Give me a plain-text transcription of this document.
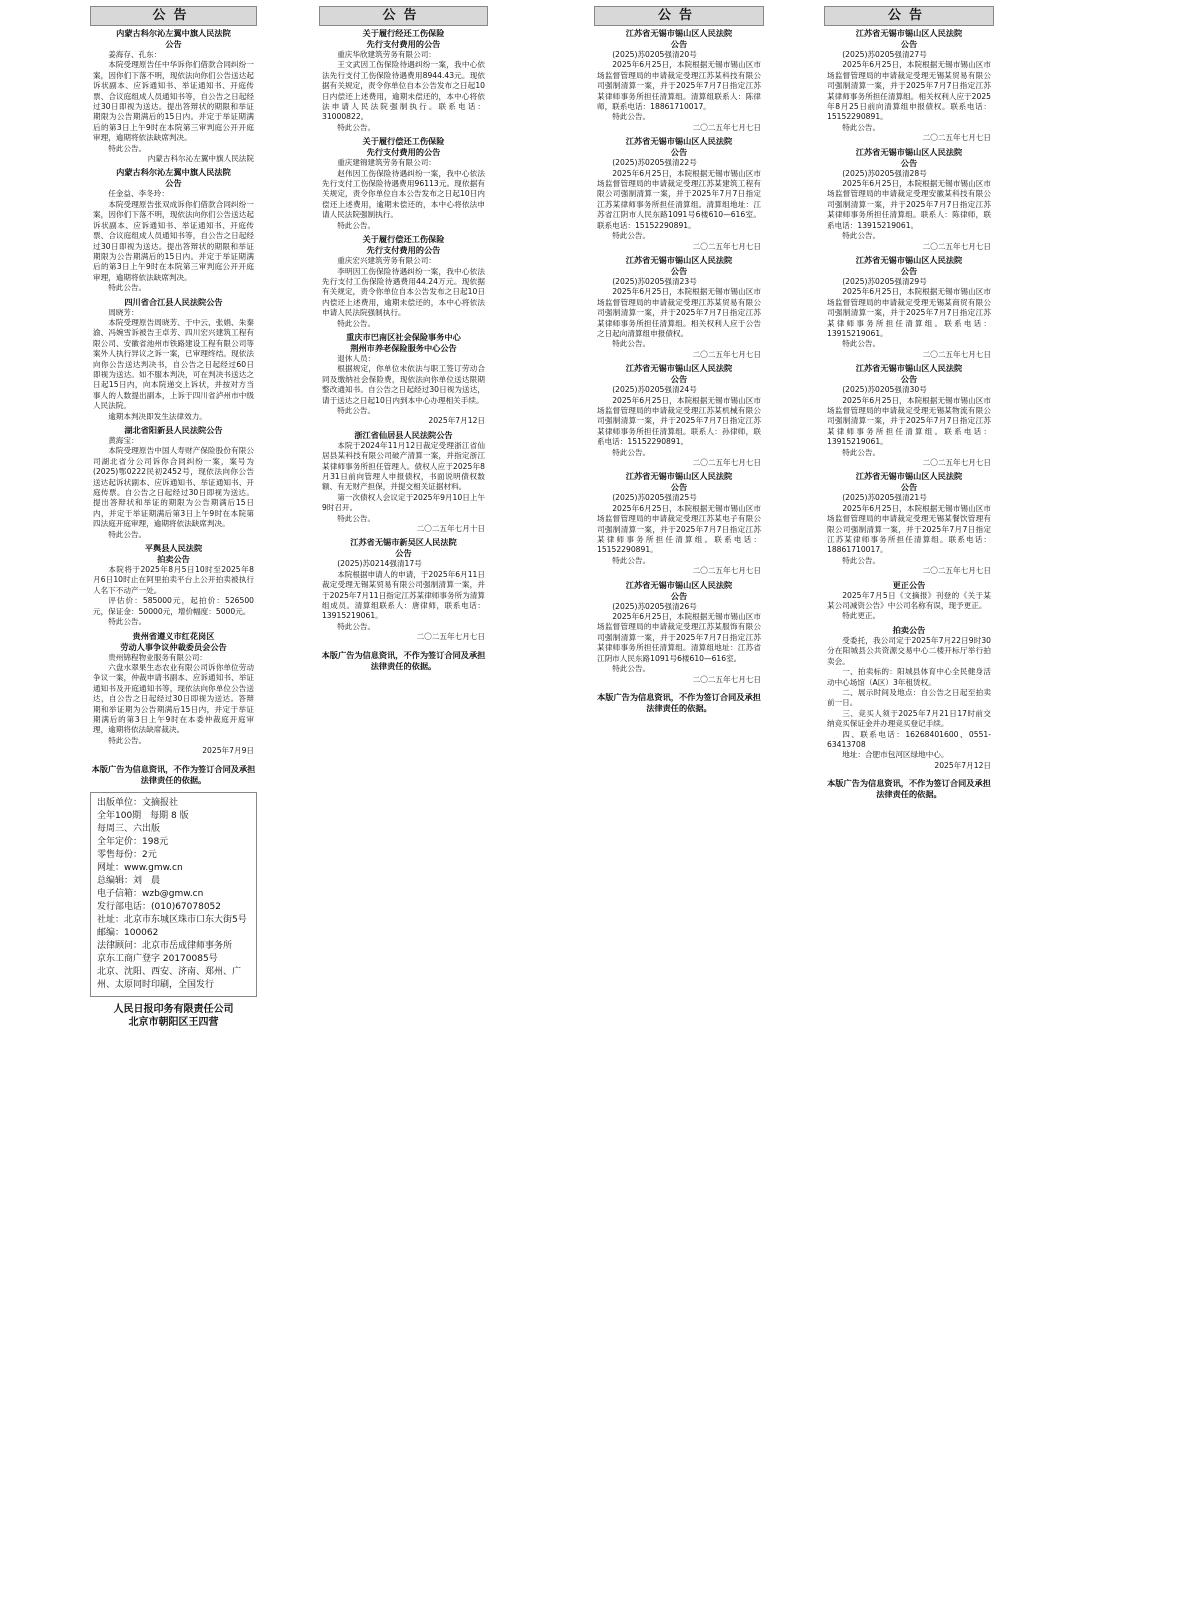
公告
内蒙古科尔沁左翼中旗人民法院
公告
姜海存、孔东：
本院受理原告任中华诉你们借款合同纠纷一案，因你们下落不明，现依法向你们公告送达起诉状副本、应诉通知书、举证通知书、开庭传票、合议庭组成人员通知书等，自公告之日起经过30日即视为送达。提出答辩状的期限和举证期限为公告期满后的15日内。并定于举证期满后的第3日上午9时在本院第三审判庭公开开庭审理，逾期将依法缺席判决。
特此公告。
内蒙古科尔沁左翼中旗人民法院
内蒙古科尔沁左翼中旗人民法院
公告
任金益、李冬玲：
本院受理原告张双成诉你们借款合同纠纷一案，因你们下落不明，现依法向你们公告送达起诉状副本、应诉通知书、举证通知书、开庭传票、合议庭组成人员通知书等，自公告之日起经过30日即视为送达。提出答辩状的期限和举证期限为公告期满后的15日内。并定于举证期满后的第3日上午9时在本院第三审判庭公开开庭审理，逾期将依法缺席判决。
特此公告。
四川省合江县人民法院公告
周晓芳：
本院受理原告周晓芳、于中云、张娟、朱秦渝、冯婉雪诉被告王卓芳、四川宏兴建筑工程有限公司、安徽省池州市铁路建设工程有限公司等案外人执行异议之诉一案，已审理终结。现依法向你公告送达判决书，自公告之日起经过60日即视为送达。如不服本判决，可在判决书送达之日起15日内，向本院递交上诉状，并按对方当事人的人数提出副本，上诉于四川省泸州市中级人民法院。
逾期本判决即发生法律效力。
湖北省阳新县人民法院公告
黄海宝：
本院受理原告中国人寿财产保险股份有限公司湖北省分公司诉你合同纠纷一案，案号为(2025)鄂0222民初2452号，现依法向你公告送达起诉状副本、应诉通知书、举证通知书、开庭传票。自公告之日起经过30日即视为送达。提出答辩状和举证的期限为公告期满后15日内，并定于举证期满后第3日上午9时在本院第四法庭开庭审理，逾期将依法缺席判决。
特此公告。
平舆县人民法院
拍卖公告
本院将于2025年8月5日10时至2025年8月6日10时止在阿里拍卖平台上公开拍卖被执行人名下不动产一处。
评估价：585000元，起拍价：526500元，保证金：50000元，增价幅度：5000元。
特此公告。
贵州省遵义市红花岗区
劳动人事争议仲裁委员会公告
贵州锦程物业服务有限公司：
六盘水翠果生态农业有限公司诉你单位劳动争议一案，仲裁申请书副本、应诉通知书、举证通知书及开庭通知书等，现依法向你单位公告送达，自公告之日起经过30日即视为送达。答辩期和举证期为公告期满后15日内，并定于举证期满后的第3日上午9时在本委仲裁庭开庭审理，逾期将依法缺席裁决。
特此公告。
2025年7月9日
本版广告为信息资讯，不作为签订合同及承担法律责任的依据。
出版单位：文摘报社
全年100期　每期 8 版
每周三、六出版
全年定价：198元
零售每份：2元
网址：www.gmw.cn
总编辑：刘　晨
电子信箱：wzb@gmw.cn
发行部电话：(010)67078052
社址：北京市东城区珠市口东大街5号
邮编：100062
法律顾问：北京市岳成律师事务所
京东工商广登字 20170085号
北京、沈阳、西安、济南、郑州、广州、太原同时印刷，全国发行
人民日报印务有限责任公司
北京市朝阳区王四营
公告
关于履行经还工伤保险
先行支付费用的公告
重庆华欣建筑劳务有限公司：
王文武因工伤保险待遇纠纷一案，我中心依法先行支付工伤保险待遇费用8944.43元。现依据有关规定，责令你单位自本公告发布之日起10日内偿还上述费用，逾期未偿还的，本中心将依法申请人民法院强制执行。联系电话：31000822。
特此公告。
关于履行偿还工伤保险
先行支付费用的公告
重庆建锦建筑劳务有限公司：
赵伟因工伤保险待遇纠纷一案，我中心依法先行支付工伤保险待遇费用96113元。现依据有关规定，责令你单位自本公告发布之日起10日内偿还上述费用，逾期未偿还的，本中心将依法申请人民法院强制执行。
特此公告。
关于履行偿还工伤保险
先行支付费用的公告
重庆宏兴建筑劳务有限公司：
李明因工伤保险待遇纠纷一案，我中心依法先行支付工伤保险待遇费用44.24万元。现依据有关规定，责令你单位自本公告发布之日起10日内偿还上述费用，逾期未偿还的，本中心将依法申请人民法院强制执行。
特此公告。
重庆市巴南区社会保险事务中心
荆州市养老保险服务中心公告
退休人员：
根据规定，你单位未依法与职工签订劳动合同及缴纳社会保险费，现依法向你单位送达限期整改通知书。自公告之日起经过30日视为送达，请于送达之日起10日内到本中心办理相关手续。
特此公告。
2025年7月12日
浙江省仙居县人民法院公告
本院于2024年11月12日裁定受理浙江省仙居县某科技有限公司破产清算一案，并指定浙江某律师事务所担任管理人。债权人应于2025年8月31日前向管理人申报债权，书面说明债权数额、有无财产担保，并提交相关证据材料。
第一次债权人会议定于2025年9月10日上午9时召开。
特此公告。
二〇二五年七月十日
江苏省无锡市新吴区人民法院
公告
(2025)苏0214强清17号
本院根据申请人的申请，于2025年6月11日裁定受理无锡某贸易有限公司强制清算一案，并于2025年7月11日指定江苏某律师事务所为清算组成员。清算组联系人：唐律师，联系电话：13915219061。
特此公告。
二〇二五年七月七日
本版广告为信息资讯，不作为签订合同及承担法律责任的依据。
公告
江苏省无锡市锡山区人民法院
公告
(2025)苏0205强清20号
2025年6月25日，本院根据无锡市锡山区市场监督管理局的申请裁定受理江苏某科技有限公司强制清算一案，并于2025年7月7日指定江苏某律师事务所担任清算组。清算组联系人：陈律师，联系电话：18861710017。
特此公告。
二〇二五年七月七日
江苏省无锡市锡山区人民法院
公告
(2025)苏0205强清22号
2025年6月25日，本院根据无锡市锡山区市场监督管理局的申请裁定受理江苏某建筑工程有限公司强制清算一案，并于2025年7月7日指定江苏某律师事务所担任清算组。清算组地址：江苏省江阴市人民东路1091号6楼610—616室。联系电话：15152290891。
特此公告。
二〇二五年七月七日
江苏省无锡市锡山区人民法院
公告
(2025)苏0205强清23号
2025年6月25日，本院根据无锡市锡山区市场监督管理局的申请裁定受理江苏某贸易有限公司强制清算一案，并于2025年7月7日指定江苏某律师事务所担任清算组。相关权利人应于公告之日起向清算组申报债权。
特此公告。
二〇二五年七月七日
江苏省无锡市锡山区人民法院
公告
(2025)苏0205强清24号
2025年6月25日，本院根据无锡市锡山区市场监督管理局的申请裁定受理江苏某机械有限公司强制清算一案，并于2025年7月7日指定江苏某律师事务所担任清算组。联系人：孙律师，联系电话：15152290891。
特此公告。
二〇二五年七月七日
江苏省无锡市锡山区人民法院
公告
(2025)苏0205强清25号
2025年6月25日，本院根据无锡市锡山区市场监督管理局的申请裁定受理江苏某电子有限公司强制清算一案，并于2025年7月7日指定江苏某律师事务所担任清算组。联系电话：15152290891。
特此公告。
二〇二五年七月七日
江苏省无锡市锡山区人民法院
公告
(2025)苏0205强清26号
2025年6月25日，本院根据无锡市锡山区市场监督管理局的申请裁定受理江苏某服饰有限公司强制清算一案，并于2025年7月7日指定江苏某律师事务所担任清算组。清算组地址：江苏省江阴市人民东路1091号6楼610—616室。
特此公告。
二〇二五年七月七日
本版广告为信息资讯，不作为签订合同及承担法律责任的依据。
公告
江苏省无锡市锡山区人民法院
公告
(2025)苏0205强清27号
2025年6月25日，本院根据无锡市锡山区市场监督管理局的申请裁定受理无锡某贸易有限公司强制清算一案，并于2025年7月7日指定江苏某律师事务所担任清算组。相关权利人应于2025年8月25日前向清算组申报债权。联系电话：15152290891。
特此公告。
二〇二五年七月七日
江苏省无锡市锡山区人民法院
公告
(2025)苏0205强清28号
2025年6月25日，本院根据无锡市锡山区市场监督管理局的申请裁定受理安徽某科技有限公司强制清算一案，并于2025年7月7日指定江苏某律师事务所担任清算组。联系人：陈律师，联系电话：13915219061。
特此公告。
二〇二五年七月七日
江苏省无锡市锡山区人民法院
公告
(2025)苏0205强清29号
2025年6月25日，本院根据无锡市锡山区市场监督管理局的申请裁定受理无锡某商贸有限公司强制清算一案，并于2025年7月7日指定江苏某律师事务所担任清算组。联系电话：13915219061。
特此公告。
二〇二五年七月七日
江苏省无锡市锡山区人民法院
公告
(2025)苏0205强清30号
2025年6月25日，本院根据无锡市锡山区市场监督管理局的申请裁定受理无锡某物流有限公司强制清算一案，并于2025年7月7日指定江苏某律师事务所担任清算组。联系电话：13915219061。
特此公告。
二〇二五年七月七日
江苏省无锡市锡山区人民法院
公告
(2025)苏0205强清21号
2025年6月25日，本院根据无锡市锡山区市场监督管理局的申请裁定受理无锡某餐饮管理有限公司强制清算一案，并于2025年7月7日指定江苏某律师事务所担任清算组。联系电话：18861710017。
特此公告。
二〇二五年七月七日
更正公告
2025年7月5日《文摘报》刊登的《关于某某公司减资公告》中公司名称有误，现予更正。
特此更正。
拍卖公告
受委托，我公司定于2025年7月22日9时30分在阳城县公共资源交易中心二楼开标厅举行拍卖会。
一、拍卖标的：阳城县体育中心全民健身活动中心场馆（A区）3年租赁权。
二、展示时间及地点：自公告之日起至拍卖前一日。
三、竞买人须于2025年7月21日17时前交纳竞买保证金并办理竞买登记手续。
四、联系电话：16268401600、0551-63413708
地址：合肥市包河区绿地中心。
2025年7月12日
本版广告为信息资讯，不作为签订合同及承担法律责任的依据。
